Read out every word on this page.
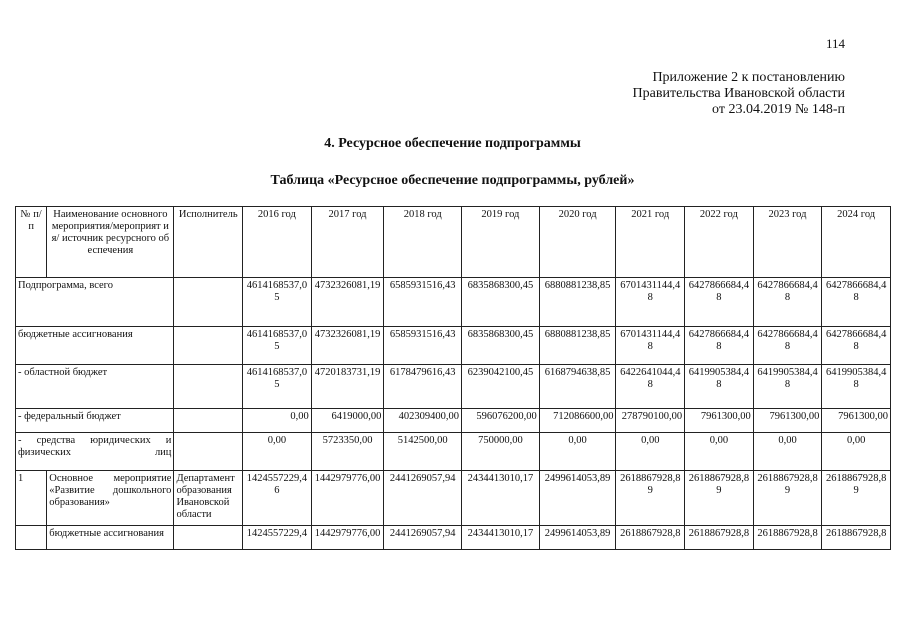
114
Приложение 2 к постановлению
Правительства Ивановской области
от 23.04.2019 № 148-п
4. Ресурсное обеспечение подпрограммы
Таблица «Ресурсное обеспечение подпрограммы, рублей»
№ п/п	Наименование основного мероприятия/мероприят ия/ источник ресурсного обеспечения	Исполнитель	2016 год	2017 год	2018 год	2019 год	2020 год	2021 год	2022 год	2023 год	2024 год
Подпрограмма, всего			4614168537,05	4732326081,19	6585931516,43	6835868300,45	6880881238,85	6701431144,48	6427866684,48	6427866684,48	6427866684,48
бюджетные ассигнования			4614168537,05	4732326081,19	6585931516,43	6835868300,45	6880881238,85	6701431144,48	6427866684,48	6427866684,48	6427866684,48
- областной бюджет			4614168537,05	4720183731,19	6178479616,43	6239042100,45	6168794638,85	6422641044,48	6419905384,48	6419905384,48	6419905384,48
- федеральный бюджет			0,00	6419000,00	402309400,00	596076200,00	712086600,00	278790100,00	7961300,00	7961300,00	7961300,00
- средства юридических и физических лиц			0,00	5723350,00	5142500,00	750000,00	0,00	0,00	0,00	0,00	0,00
1	Основное мероприятие «Развитие дошкольного образования»	Департамент образования Ивановской области	1424557229,46	1442979776,00	2441269057,94	2434413010,17	2499614053,89	2618867928,89	2618867928,89	2618867928,89	2618867928,89
	бюджетные ассигнования		1424557229,4	1442979776,00	2441269057,94	2434413010,17	2499614053,89	2618867928,8	2618867928,8	2618867928,8	2618867928,8
